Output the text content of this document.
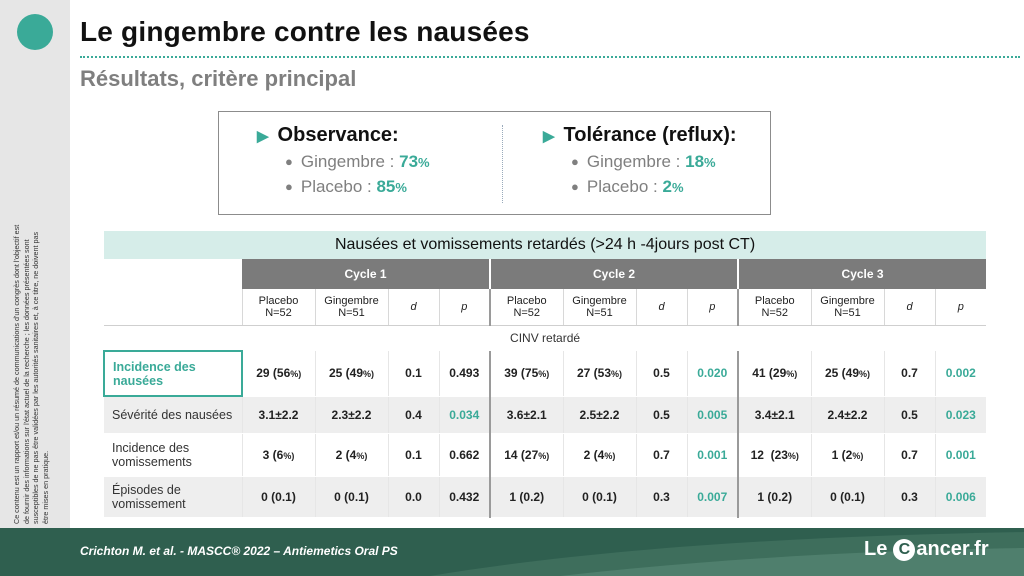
Ce contenu est un rapport et/ou un résumé de communications d'un congrès dont l'objectif est de fournir des informations sur l'état actuel de la recherche ; les données présentées sont susceptibles de ne pas être validées par les autorités sanitaires et, à ce titre, ne doivent pas être mises en pratique.
Le gingembre contre les nausées
Résultats, critère principal
▶ Observance:
● Gingembre : 73%
● Placebo : 85%
▶ Tolérance (reflux):
● Gingembre : 18%
● Placebo : 2%
Nausées et vomissements retardés (>24 h -4jours post CT)												
	Cycle 1				Cycle 2				Cycle 3			
	Placebo
N=52	Gingembre
N=51	d	p	Placebo
N=52	Gingembre
N=51	d	p	Placebo
N=52	Gingembre
N=51	d	p
CINV retardé												
Incidence des nausées	29 (56%)	25 (49%)	0.1	0.493	39 (75%)	27 (53%)	0.5	0.020	41 (29%)	25 (49%)	0.7	0.002
Sévérité des nausées	3.1±2.2	2.3±2.2	0.4	0.034	3.6±2.1	2.5±2.2	0.5	0.005	3.4±2.1	2.4±2.2	0.5	0.023
Incidence des vomissements	3 (6%)	2 (4%)	0.1	0.662	14 (27%)	2 (4%)	0.7	0.001	12  (23%)	1 (2%)	0.7	0.001
Épisodes de vomissement	0 (0.1)	0 (0.1)	0.0	0.432	1 (0.2)	0 (0.1)	0.3	0.007	1 (0.2)	0 (0.1)	0.3	0.006
Crichton M. et al. - MASCC® 2022 – Antiemetics Oral PS	Le C ancer.fr
